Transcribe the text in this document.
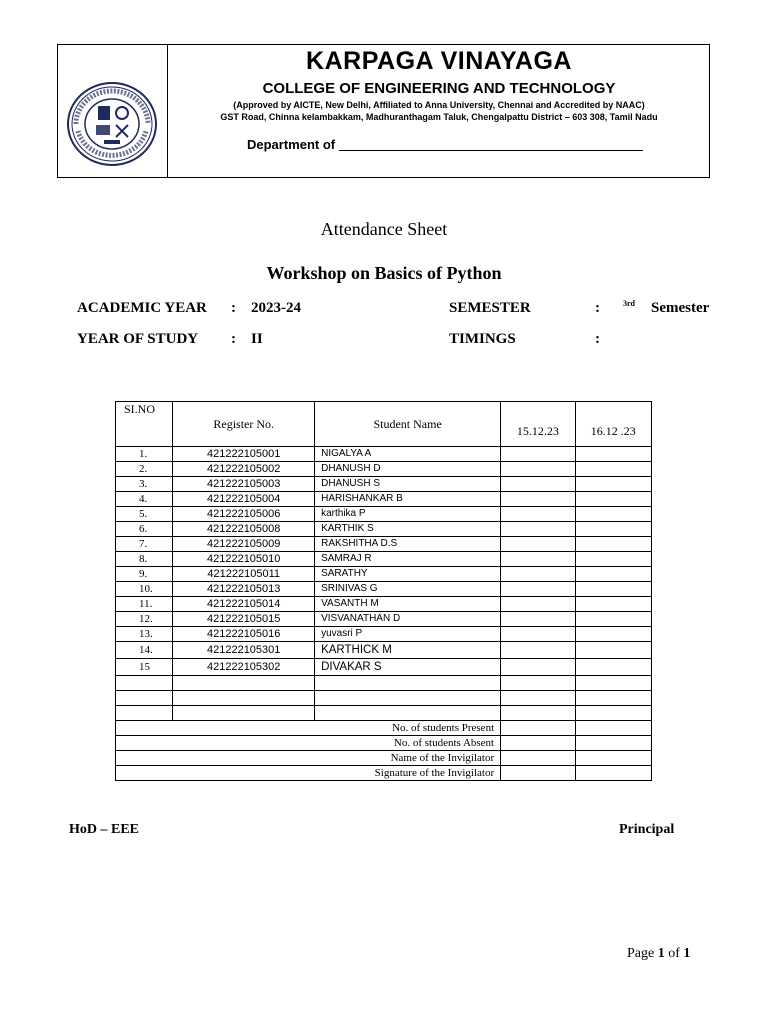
KARPAGA VINAYAGA
COLLEGE OF ENGINEERING AND TECHNOLOGY
(Approved by AICTE, New Delhi, Affiliated to Anna University, Chennai and Accredited by NAAC)
GST Road, Chinna kelambakkam, Madhuranthagam Taluk, Chengalpattu District – 603 308, Tamil Nadu
Department of
Attendance Sheet
Workshop on Basics of Python
ACADEMIC YEAR : 2023-24	SEMESTER	:	3rd Semester
YEAR OF STUDY : II	TIMINGS	:
SI.NO	Register No.	Student Name	15.12.23	16.12 .23
1.	421222105001	NIGALYA A		
2.	421222105002	DHANUSH D		
3.	421222105003	DHANUSH S		
4.	421222105004	HARISHANKAR B		
5.	421222105006	karthika P		
6.	421222105008	KARTHIK S		
7.	421222105009	RAKSHITHA D.S		
8.	421222105010	SAMRAJ R		
9.	421222105011	SARATHY		
10.	421222105013	SRINIVAS G		
11.	421222105014	VASANTH M		
12.	421222105015	VISVANATHAN D		
13.	421222105016	yuvasri P		
14.	421222105301	KARTHICK M		
15	421222105302	DIVAKAR S		

No. of students Present				
No. of students Absent				
Name of the Invigilator				
Signature of the Invigilator				
HoD – EEE	Principal
Page 1 of 1
